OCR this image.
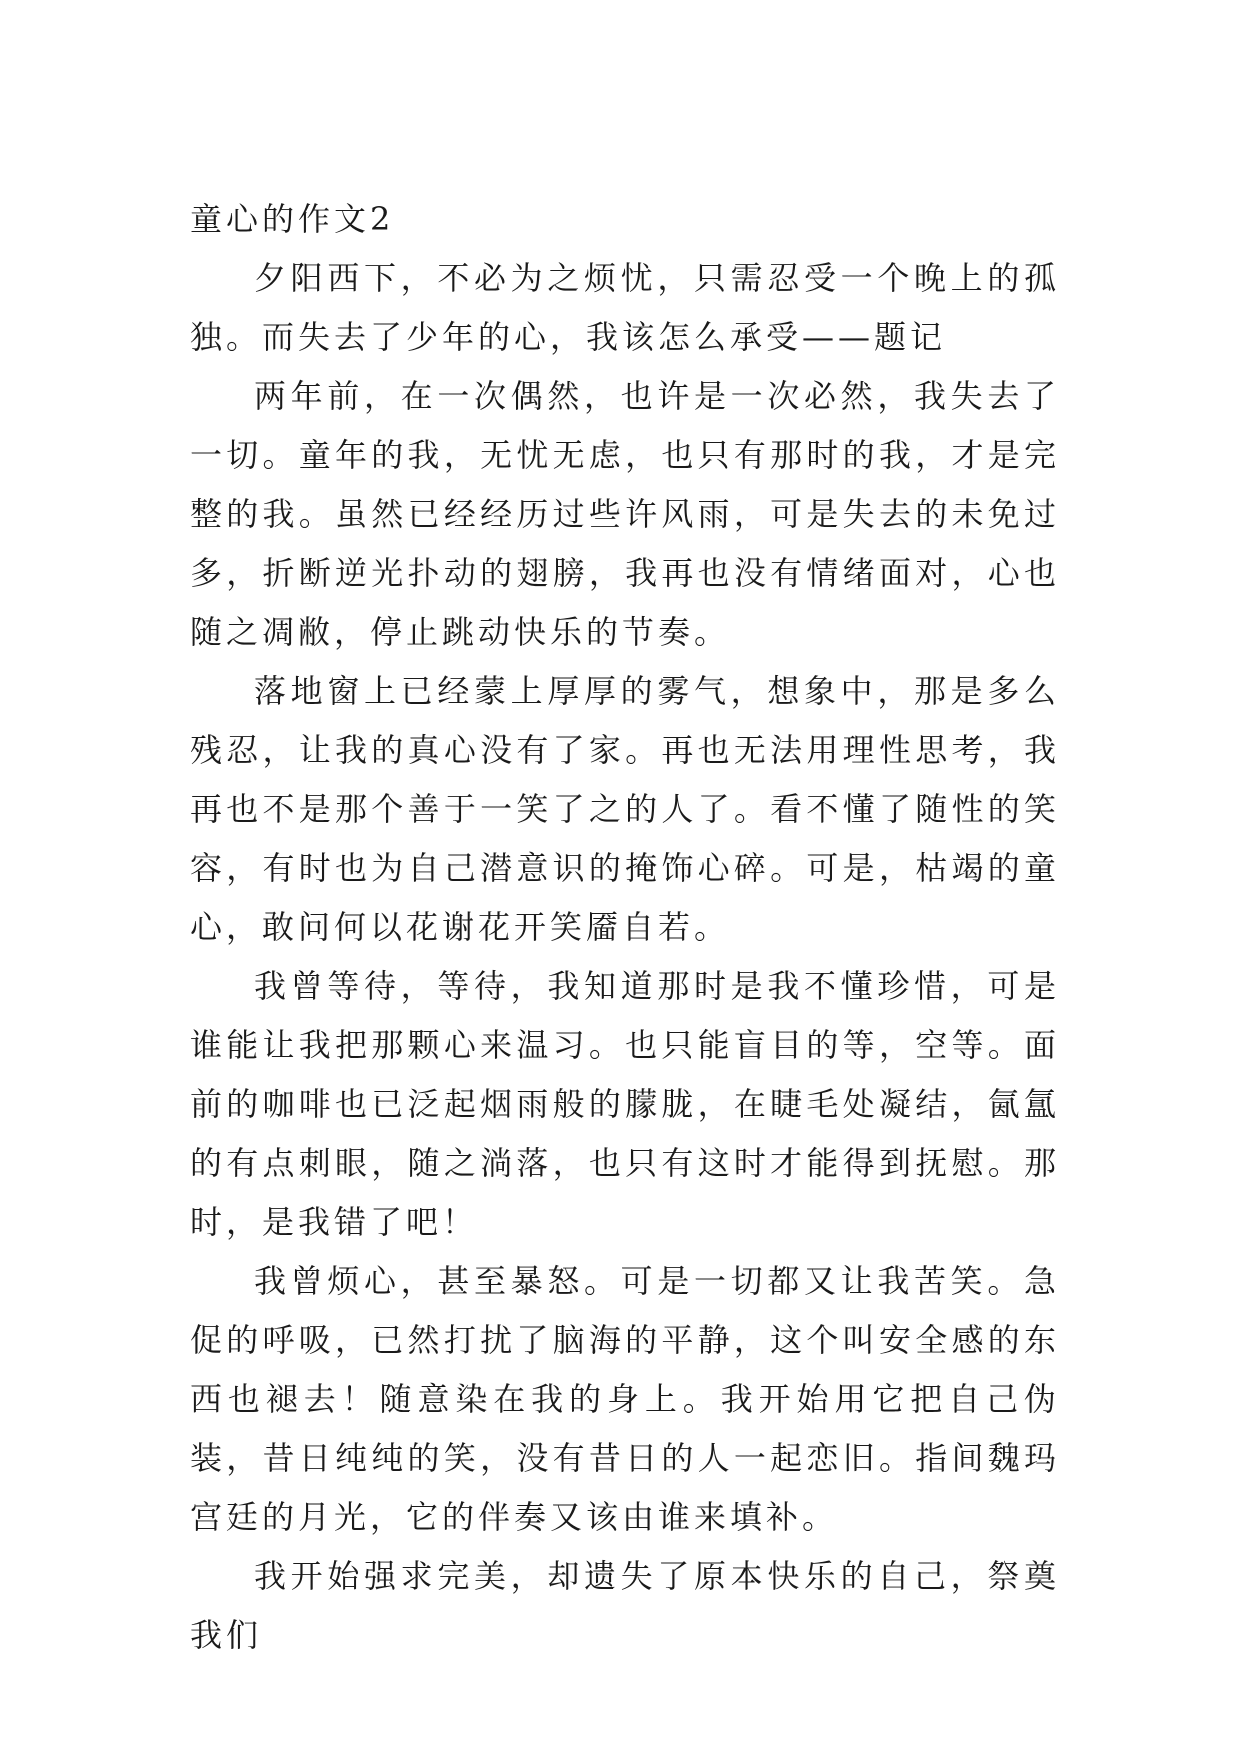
童心的作文2

夕阳西下，不必为之烦忧，只需忍受一个晚上的孤独。而失去了少年的心，我该怎么承受——题记

两年前，在一次偶然，也许是一次必然，我失去了一切。童年的我，无忧无虑，也只有那时的我，才是完整的我。虽然已经经历过些许风雨，可是失去的未免过多，折断逆光扑动的翅膀，我再也没有情绪面对，心也随之凋敝，停止跳动快乐的节奏。

落地窗上已经蒙上厚厚的雾气，想象中，那是多么残忍，让我的真心没有了家。再也无法用理性思考，我再也不是那个善于一笑了之的人了。看不懂了随性的笑容，有时也为自己潜意识的掩饰心碎。可是，枯竭的童心，敢问何以花谢花开笑靥自若。

我曾等待，等待，我知道那时是我不懂珍惜，可是谁能让我把那颗心来温习。也只能盲目的等，空等。面前的咖啡也已泛起烟雨般的朦胧，在睫毛处凝结，氤氲的有点刺眼，随之淌落，也只有这时才能得到抚慰。那时，是我错了吧！

我曾烦心，甚至暴怒。可是一切都又让我苦笑。急促的呼吸，已然打扰了脑海的平静，这个叫安全感的东西也褪去！随意染在我的身上。我开始用它把自己伪装，昔日纯纯的笑，没有昔日的人一起恋旧。指间魏玛宫廷的月光，它的伴奏又该由谁来填补。

我开始强求完美，却遗失了原本快乐的自己，祭奠我们
